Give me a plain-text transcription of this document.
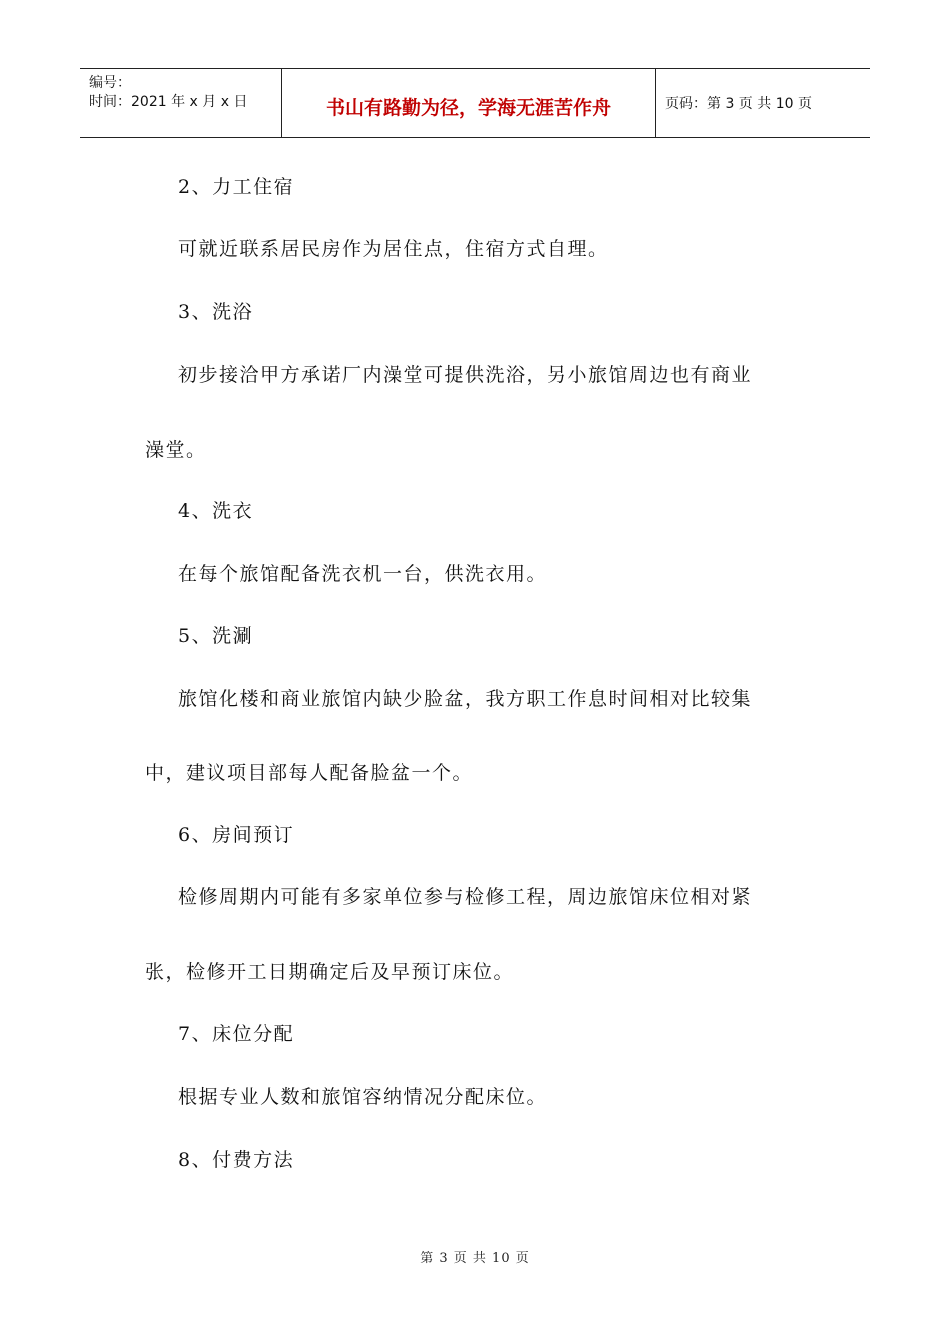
编号：
时间：2021 年 x 月 x 日	书山有路勤为径，学海无涯苦作舟	页码：第 3 页 共 10 页
2、力工住宿
可就近联系居民房作为居住点，住宿方式自理。
3、洗浴
初步接洽甲方承诺厂内澡堂可提供洗浴，另小旅馆周边也有商业
澡堂。
4、洗衣
在每个旅馆配备洗衣机一台，供洗衣用。
5、洗涮
旅馆化楼和商业旅馆内缺少脸盆，我方职工作息时间相对比较集
中，建议项目部每人配备脸盆一个。
6、房间预订
检修周期内可能有多家单位参与检修工程，周边旅馆床位相对紧
张，检修开工日期确定后及早预订床位。
7、床位分配
根据专业人数和旅馆容纳情况分配床位。
8、付费方法
第 3 页 共 10 页
